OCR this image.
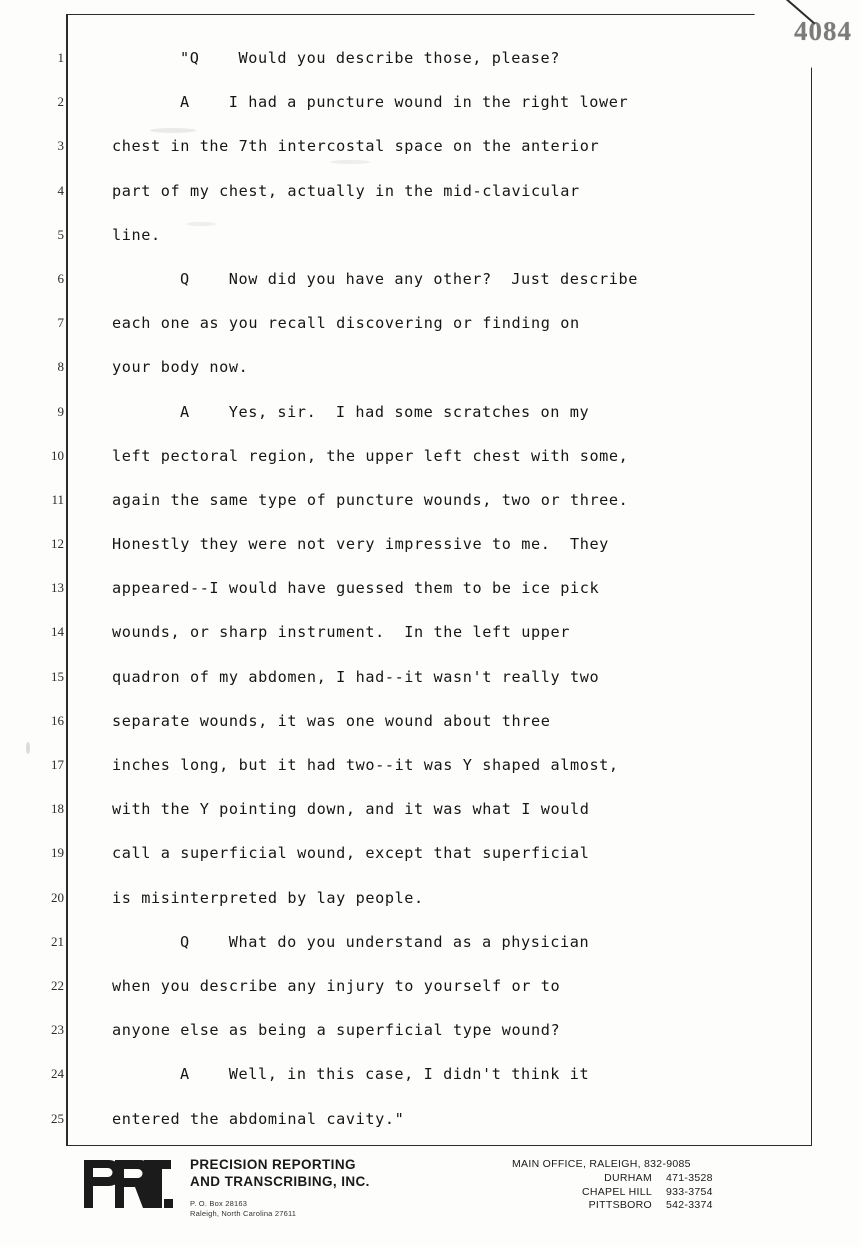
4084
1
2
3
4
5
6
7
8
9
10
11
12
13
14
15
16
17
18
19
20
21
22
23
24
25
"Q    Would you describe those, please?
A    I had a puncture wound in the right lower
chest in the 7th intercostal space on the anterior
part of my chest, actually in the mid-clavicular
line.
Q    Now did you have any other?  Just describe
each one as you recall discovering or finding on
your body now.
A    Yes, sir.  I had some scratches on my
left pectoral region, the upper left chest with some,
again the same type of puncture wounds, two or three.
Honestly they were not very impressive to me.  They
appeared--I would have guessed them to be ice pick
wounds, or sharp instrument.  In the left upper
quadron of my abdomen, I had--it wasn't really two
separate wounds, it was one wound about three
inches long, but it had two--it was Y shaped almost,
with the Y pointing down, and it was what I would
call a superficial wound, except that superficial
is misinterpreted by lay people.
Q    What do you understand as a physician
when you describe any injury to yourself or to
anyone else as being a superficial type wound?
A    Well, in this case, I didn't think it
entered the abdominal cavity."
PRECISION REPORTING
AND TRANSCRIBING, INC.
P. O. Box 28163
Raleigh, North Carolina 27611
MAIN OFFICE, RALEIGH, 832-9085
DURHAM	471-3528
CHAPEL HILL	933-3754
PITTSBORO	542-3374
